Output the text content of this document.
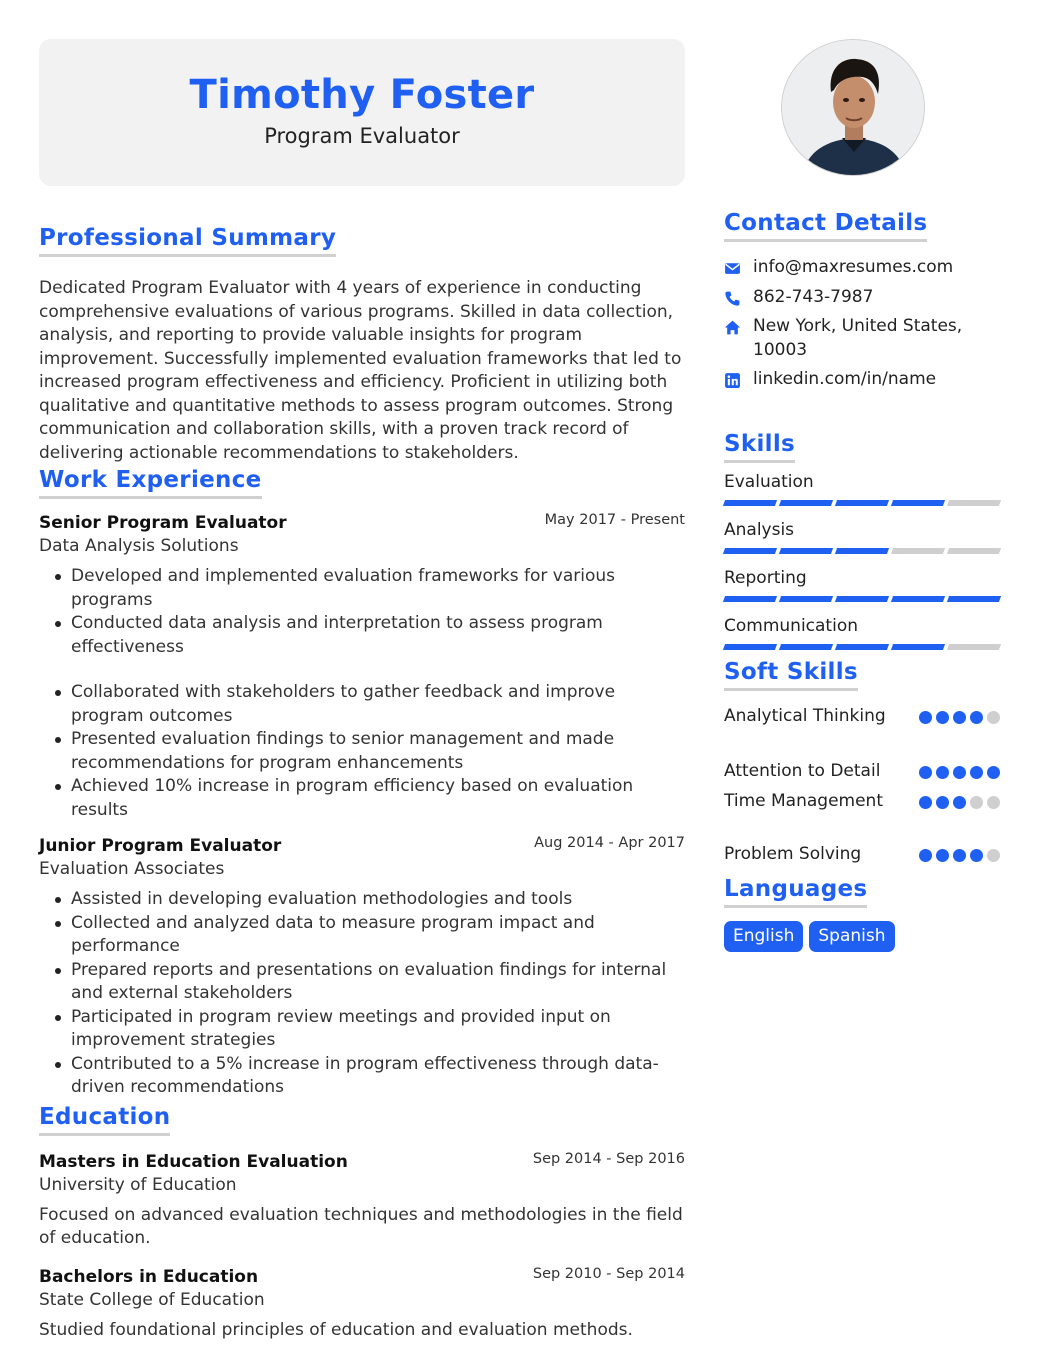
Timothy Foster
Program Evaluator
Professional Summary

Dedicated Program Evaluator with 4 years of experience in conducting comprehensive evaluations of various programs. Skilled in data collection, analysis, and reporting to provide valuable insights for program improvement. Successfully implemented evaluation frameworks that led to increased program effectiveness and efficiency. Proficient in utilizing both qualitative and quantitative methods to assess program outcomes. Strong communication and collaboration skills, with a proven track record of delivering actionable recommendations to stakeholders.

Work Experience
Senior Program Evaluator	May 2017 - Present
Data Analysis Solutions
Developed and implemented evaluation frameworks for various programs
Conducted data analysis and interpretation to assess program effectiveness
Collaborated with stakeholders to gather feedback and improve program outcomes
Presented evaluation findings to senior management and made recommendations for program enhancements
Achieved 10% increase in program efficiency based on evaluation results
Junior Program Evaluator	Aug 2014 - Apr 2017
Evaluation Associates
Assisted in developing evaluation methodologies and tools
Collected and analyzed data to measure program impact and performance
Prepared reports and presentations on evaluation findings for internal and external stakeholders
Participated in program review meetings and provided input on improvement strategies
Contributed to a 5% increase in program effectiveness through data-driven recommendations
Education
Masters in Education Evaluation	Sep 2014 - Sep 2016
University of Education

Focused on advanced evaluation techniques and methodologies in the field of education.

Bachelors in Education	Sep 2010 - Sep 2014
State College of Education

Studied foundational principles of education and evaluation methods.

Contact Details
info@maxresumes.com
862-743-7987
New York, United States, 10003
linkedin.com/in/name
Skills
Evaluation
Analysis
Reporting
Communication
Soft Skills
Analytical Thinking
Attention to Detail
Time Management
Problem Solving
Languages
English	Spanish
